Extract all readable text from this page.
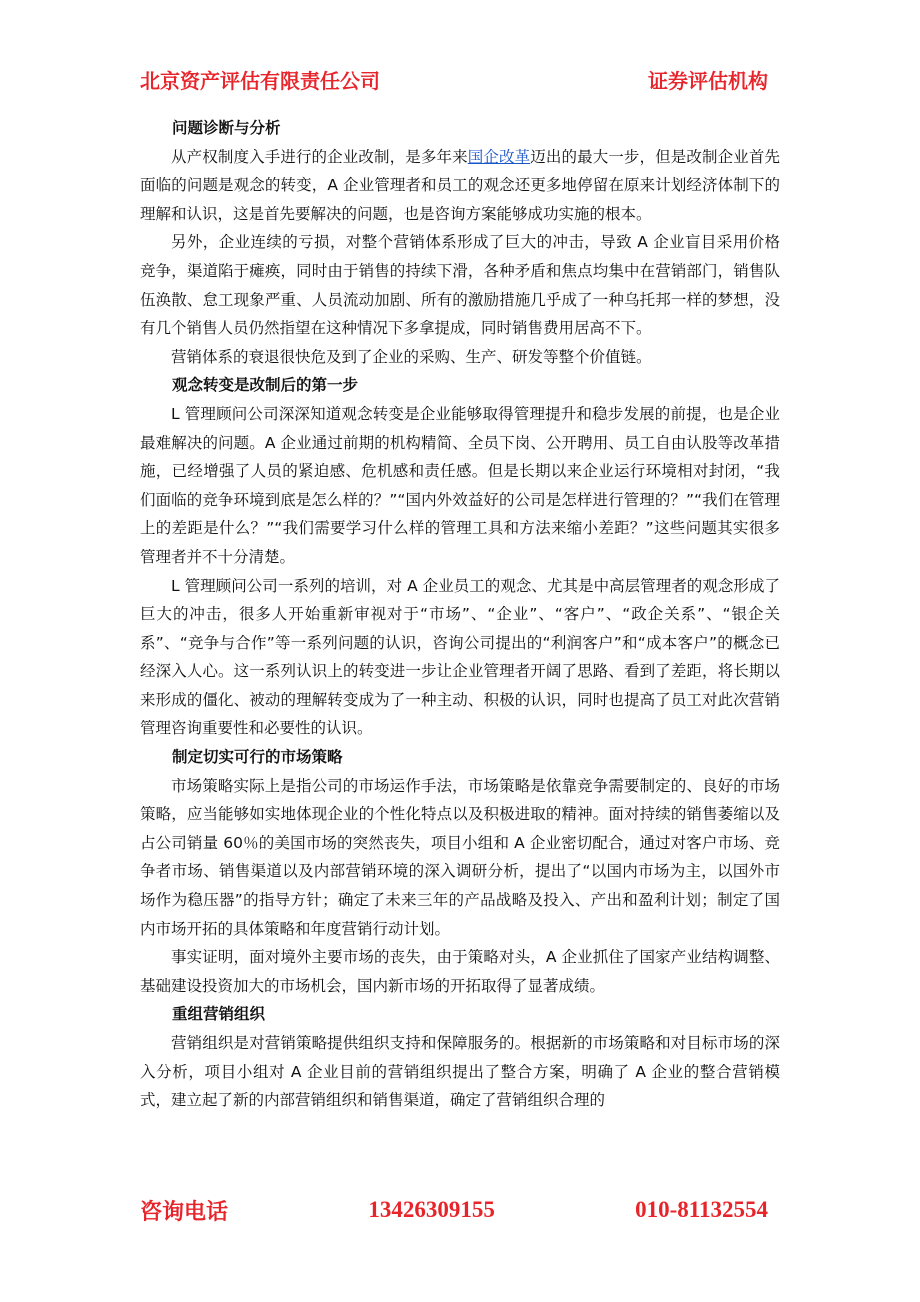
北京资产评估有限责任公司	证券评估机构
问题诊断与分析

从产权制度入手进行的企业改制，是多年来国企改革迈出的最大一步，但是改制企业首先面临的问题是观念的转变，A 企业管理者和员工的观念还更多地停留在原来计划经济体制下的理解和认识，这是首先要解决的问题，也是咨询方案能够成功实施的根本。

另外，企业连续的亏损，对整个营销体系形成了巨大的冲击，导致 A 企业盲目采用价格竞争，渠道陷于瘫痪，同时由于销售的持续下滑，各种矛盾和焦点均集中在营销部门，销售队伍涣散、怠工现象严重、人员流动加剧、所有的激励措施几乎成了一种乌托邦一样的梦想，没有几个销售人员仍然指望在这种情况下多拿提成，同时销售费用居高不下。

营销体系的衰退很快危及到了企业的采购、生产、研发等整个价值链。

观念转变是改制后的第一步

L 管理顾问公司深深知道观念转变是企业能够取得管理提升和稳步发展的前提，也是企业最难解决的问题。A 企业通过前期的机构精简、全员下岗、公开聘用、员工自由认股等改革措施，已经增强了人员的紧迫感、危机感和责任感。但是长期以来企业运行环境相对封闭，“我们面临的竞争环境到底是怎么样的？”“国内外效益好的公司是怎样进行管理的？”“我们在管理上的差距是什么？”“我们需要学习什么样的管理工具和方法来缩小差距？”这些问题其实很多管理者并不十分清楚。

L 管理顾问公司一系列的培训，对 A 企业员工的观念、尤其是中高层管理者的观念形成了巨大的冲击，很多人开始重新审视对于“市场”、“企业”、“客户”、“政企关系”、“银企关系”、“竞争与合作”等一系列问题的认识，咨询公司提出的“利润客户”和“成本客户”的概念已经深入人心。这一系列认识上的转变进一步让企业管理者开阔了思路、看到了差距，将长期以来形成的僵化、被动的理解转变成为了一种主动、积极的认识，同时也提高了员工对此次营销管理咨询重要性和必要性的认识。

制定切实可行的市场策略

市场策略实际上是指公司的市场运作手法，市场策略是依靠竞争需要制定的、良好的市场策略，应当能够如实地体现企业的个性化特点以及积极进取的精神。面对持续的销售萎缩以及占公司销量 60％的美国市场的突然丧失，项目小组和 A 企业密切配合，通过对客户市场、竞争者市场、销售渠道以及内部营销环境的深入调研分析，提出了“以国内市场为主，以国外市场作为稳压器”的指导方针；确定了未来三年的产品战略及投入、产出和盈利计划；制定了国内市场开拓的具体策略和年度营销行动计划。

事实证明，面对境外主要市场的丧失，由于策略对头，A 企业抓住了国家产业结构调整、基础建设投资加大的市场机会，国内新市场的开拓取得了显著成绩。

重组营销组织

营销组织是对营销策略提供组织支持和保障服务的。根据新的市场策略和对目标市场的深入分析，项目小组对 A 企业目前的营销组织提出了整合方案，明确了 A 企业的整合营销模式，建立起了新的内部营销组织和销售渠道，确定了营销组织合理的

咨询电话	13426309155	010-81132554
